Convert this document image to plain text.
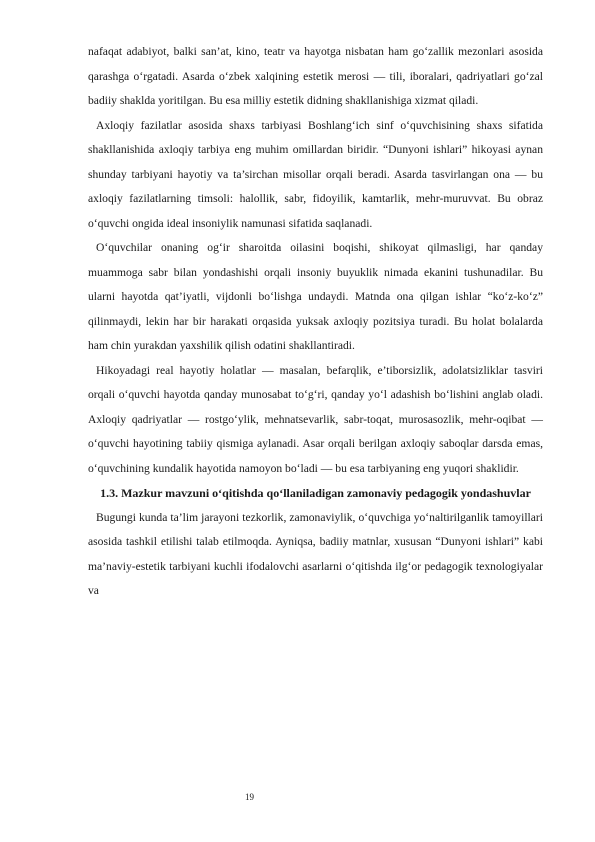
nafaqat adabiyot, balki san’at, kino, teatr va hayotga nisbatan ham go‘zallik mezonlari asosida qarashga o‘rgatadi. Asarda o‘zbek xalqining estetik merosi — tili, iboralari, qadriyatlari go‘zal badiiy shaklda yoritilgan. Bu esa milliy estetik didning shakllanishiga xizmat qiladi.

Axloqiy fazilatlar asosida shaxs tarbiyasi Boshlang‘ich sinf o‘quvchisining shaxs sifatida shakllanishida axloqiy tarbiya eng muhim omillardan biridir. “Dunyoni ishlari” hikoyasi aynan shunday tarbiyani hayotiy va ta’sirchan misollar orqali beradi. Asarda tasvirlangan ona — bu axloqiy fazilatlarning timsoli: halollik, sabr, fidoyilik, kamtarlik, mehr-muruvvat. Bu obraz o‘quvchi ongida ideal insoniylik namunasi sifatida saqlanadi.

O‘quvchilar onaning og‘ir sharoitda oilasini boqishi, shikoyat qilmasligi, har qanday muammoga sabr bilan yondashishi orqali insoniy buyuklik nimada ekanini tushunadilar. Bu ularni hayotda qat’iyatli, vijdonli bo‘lishga undaydi. Matnda ona qilgan ishlar “ko‘z-ko‘z” qilinmaydi, lekin har bir harakati orqasida yuksak axloqiy pozitsiya turadi. Bu holat bolalarda ham chin yurakdan yaxshilik qilish odatini shakllantiradi.

Hikoyadagi real hayotiy holatlar — masalan, befarqlik, e’tiborsizlik, adolatsizliklar tasviri orqali o‘quvchi hayotda qanday munosabat to‘g‘ri, qanday yo‘l adashish bo‘lishini anglab oladi. Axloqiy qadriyatlar — rostgo‘ylik, mehnatsevarlik, sabr-toqat, murosasozlik, mehr-oqibat — o‘quvchi hayotining tabiiy qismiga aylanadi. Asar orqali berilgan axloqiy saboqlar darsda emas, o‘quvchining kundalik hayotida namoyon bo‘ladi — bu esa tarbiyaning eng yuqori shaklidir.

1.3. Mazkur mavzuni o‘qitishda qo‘llaniladigan zamonaviy pedagogik yondashuvlar

Bugungi kunda ta’lim jarayoni tezkorlik, zamonaviylik, o‘quvchiga yo‘naltirilganlik tamoyillari asosida tashkil etilishi talab etilmoqda. Ayniqsa, badiiy matnlar, xususan “Dunyoni ishlari” kabi ma’naviy-estetik tarbiyani kuchli ifodalovchi asarlarni o‘qitishda ilg‘or pedagogik texnologiyalar va

19
